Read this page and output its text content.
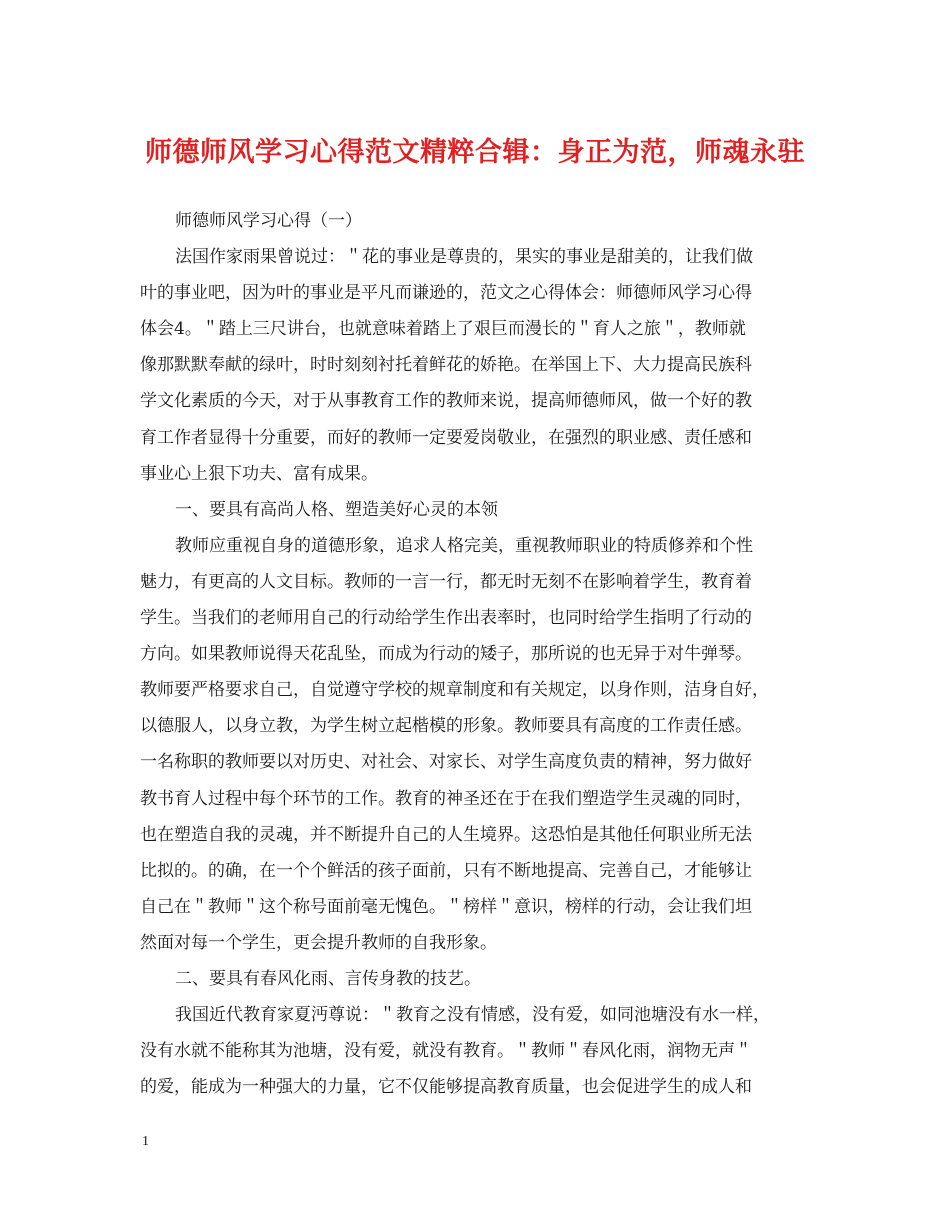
师德师风学习心得范文精粹合辑：身正为范，师魂永驻
师德师风学习心得（一）
法国作家雨果曾说过：＂花的事业是尊贵的，果实的事业是甜美的，让我们做
叶的事业吧，因为叶的事业是平凡而谦逊的，范文之心得体会：师德师风学习心得
体会4。＂踏上三尺讲台，也就意味着踏上了艰巨而漫长的＂育人之旅＂，教师就
像那默默奉献的绿叶，时时刻刻衬托着鲜花的娇艳。在举国上下、大力提高民族科
学文化素质的今天，对于从事教育工作的教师来说，提高师德师风，做一个好的教
育工作者显得十分重要，而好的教师一定要爱岗敬业，在强烈的职业感、责任感和
事业心上狠下功夫、富有成果。
一、要具有高尚人格、塑造美好心灵的本领
教师应重视自身的道德形象，追求人格完美，重视教师职业的特质修养和个性
魅力，有更高的人文目标。教师的一言一行，都无时无刻不在影响着学生，教育着
学生。当我们的老师用自己的行动给学生作出表率时，也同时给学生指明了行动的
方向。如果教师说得天花乱坠，而成为行动的矮子，那所说的也无异于对牛弹琴。
教师要严格要求自己，自觉遵守学校的规章制度和有关规定，以身作则，洁身自好，
以德服人，以身立教，为学生树立起楷模的形象。教师要具有高度的工作责任感。
一名称职的教师要以对历史、对社会、对家长、对学生高度负责的精神，努力做好
教书育人过程中每个环节的工作。教育的神圣还在于在我们塑造学生灵魂的同时，
也在塑造自我的灵魂，并不断提升自己的人生境界。这恐怕是其他任何职业所无法
比拟的。的确，在一个个鲜活的孩子面前，只有不断地提高、完善自己，才能够让
自己在＂教师＂这个称号面前毫无愧色。＂榜样＂意识，榜样的行动，会让我们坦
然面对每一个学生，更会提升教师的自我形象。
二、要具有春风化雨、言传身教的技艺。
我国近代教育家夏沔尊说：＂教育之没有情感，没有爱，如同池塘没有水一样，
没有水就不能称其为池塘，没有爱，就没有教育。＂教师＂春风化雨，润物无声＂
的爱，能成为一种强大的力量，它不仅能够提高教育质量，也会促进学生的成人和
1
